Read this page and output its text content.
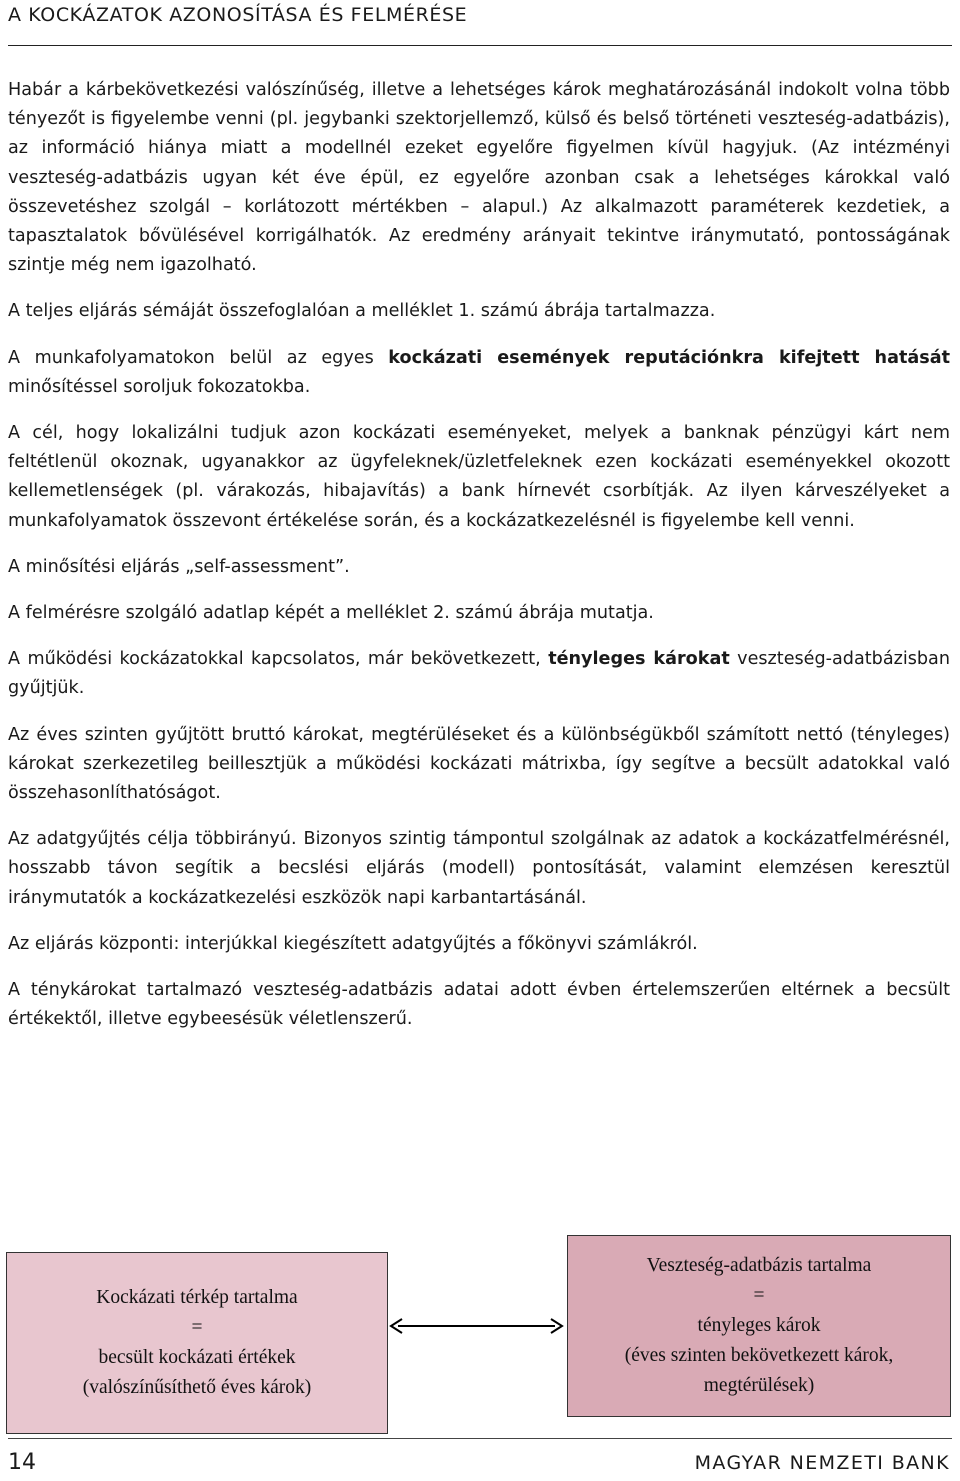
A KOCKÁZATOK AZONOSÍTÁSA ÉS FELMÉRÉSE

Habár a kárbekövetkezési valószínűség, illetve a lehetséges károk meghatározásánál indokolt volna több tényezőt is figyelembe venni (pl. jegybanki szektorjellemző, külső és belső történeti veszteség-adatbázis), az információ hiánya miatt a modellnél ezeket egyelőre figyelmen kívül hagyjuk. (Az intézményi veszteség-adatbázis ugyan két éve épül, ez egyelőre azonban csak a lehetséges károkkal való összevetéshez szolgál – korlátozott mértékben – alapul.) Az alkalmazott paraméterek kezdetiek, a tapasztalatok bővülésével korrigálhatók. Az eredmény arányait tekintve iránymutató, pontosságának szintje még nem igazolható.

A teljes eljárás sémáját összefoglalóan a melléklet 1. számú ábrája tartalmazza.

A munkafolyamatokon belül az egyes kockázati események reputációnkra kifejtett hatását minősítéssel soroljuk fokozatokba.

A cél, hogy lokalizálni tudjuk azon kockázati eseményeket, melyek a banknak pénzügyi kárt nem feltétlenül okoznak, ugyanakkor az ügyfeleknek/üzletfeleknek ezen kockázati eseményekkel okozott kellemetlenségek (pl. várakozás, hibajavítás) a bank hírnevét csorbítják. Az ilyen kárveszélyeket a munkafolyamatok összevont értékelése során, és a kockázatkezelésnél is figyelembe kell venni.

A minősítési eljárás „self-assessment”.

A felmérésre szolgáló adatlap képét a melléklet 2. számú ábrája mutatja.

A működési kockázatokkal kapcsolatos, már bekövetkezett, tényleges károkat veszteség-adatbázisban gyűjtjük.

Az éves szinten gyűjtött bruttó károkat, megtérüléseket és a különbségükből számított nettó (tényleges) károkat szerkezetileg beillesztjük a működési kockázati mátrixba, így segítve a becsült adatokkal való összehasonlíthatóságot.

Az adatgyűjtés célja többirányú. Bizonyos szintig támpontul szolgálnak az adatok a kockázatfelmérésnél, hosszabb távon segítik a becslési eljárás (modell) pontosítását, valamint elemzésen keresztül iránymutatók a kockázatkezelési eszközök napi karbantartásánál.

Az eljárás központi: interjúkkal kiegészített adatgyűjtés a főkönyvi számlákról.

A ténykárokat tartalmazó veszteség-adatbázis adatai adott évben értelemszerűen eltérnek a becsült értékektől, illetve egybeesésük véletlenszerű.

Kockázati térkép tartalma
=
becsült kockázati értékek
(valószínűsíthető éves károk)
Veszteség-adatbázis tartalma
=
tényleges károk
(éves szinten bekövetkezett károk,
megtérülések)
14	MAGYAR NEMZETI BANK
